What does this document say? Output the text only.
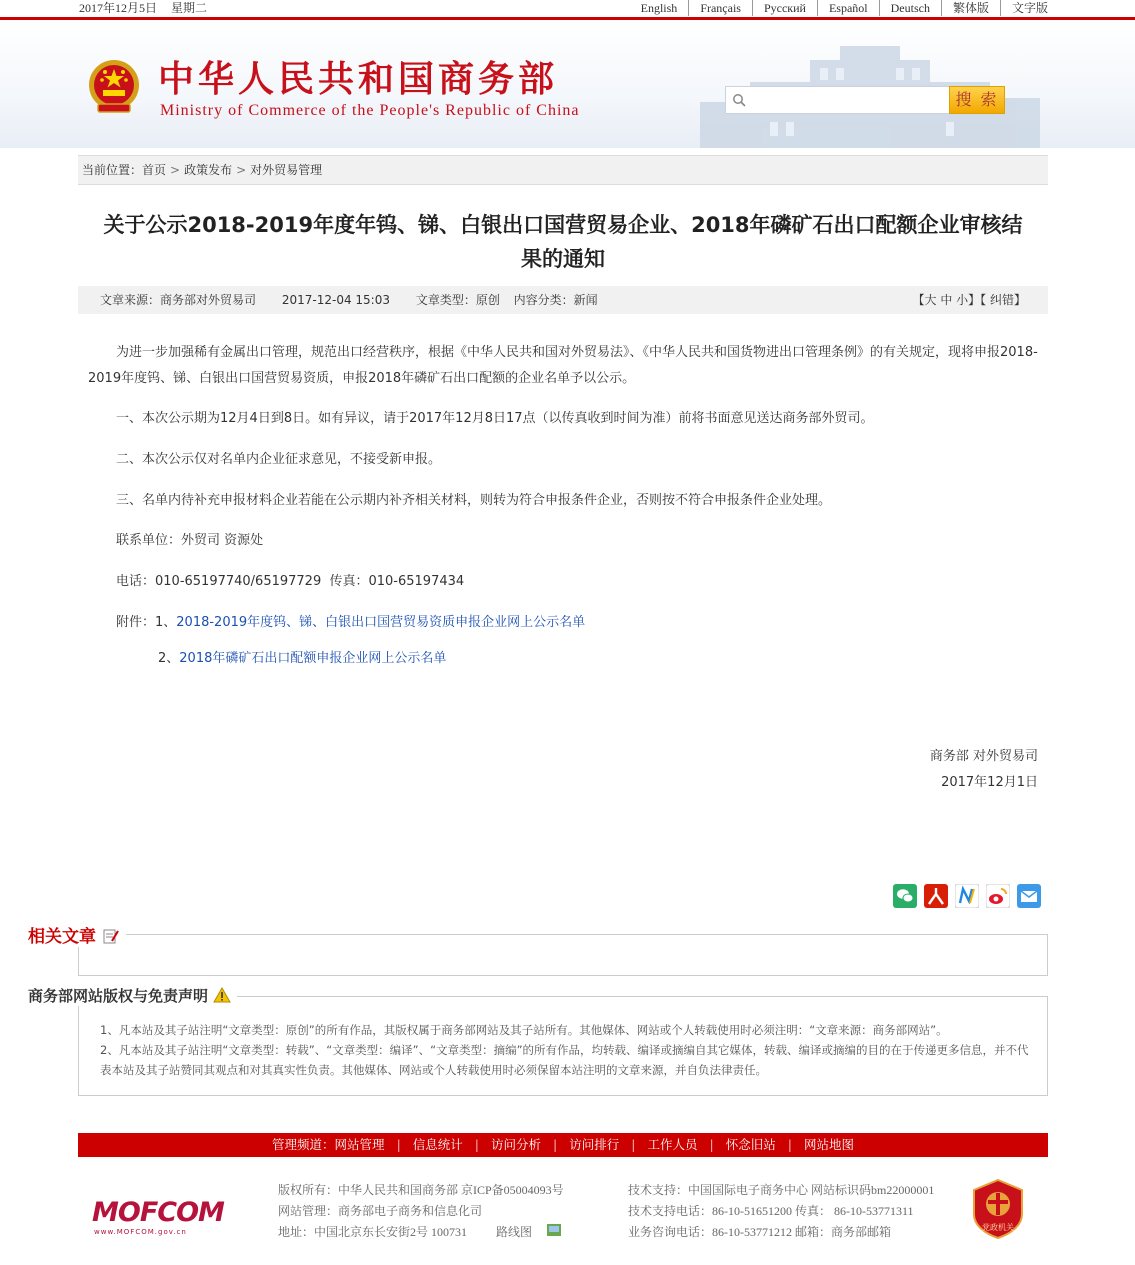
2017年12月5日 星期二	English	Français	Русский	Español	Deutsch	繁体版	文字版
中华人民共和国商务部
Ministry of Commerce of the People's Republic of China
搜 索
当前位置：首页 > 政策发布 > 对外贸易管理
关于公示2018-2019年度年钨、锑、白银出口国营贸易企业、2018年磷矿石出口配额企业审核结
果的通知
文章来源：商务部对外贸易司 2017-12-04 15:03 文章类型：原创 内容分类：新闻	【大 中 小】【 纠错】

为进一步加强稀有金属出口管理，规范出口经营秩序，根据《中华人民共和国对外贸易法》、《中华人民共和国货物进出口管理条例》的有关规定，现将申报2018-2019年度钨、锑、白银出口国营贸易资质，申报2018年磷矿石出口配额的企业名单予以公示。

一、本次公示期为12月4日到8日。如有异议，请于2017年12月8日17点（以传真收到时间为准）前将书面意见送达商务部外贸司。

二、本次公示仅对名单内企业征求意见，不接受新申报。

三、名单内待补充申报材料企业若能在公示期内补齐相关材料，则转为符合申报条件企业，否则按不符合申报条件企业处理。

联系单位：外贸司 资源处

电话：010-65197740/65197729  传真：010-65197434

附件：1、2018-2019年度钨、锑、白银出口国营贸易资质申报企业网上公示名单

2、2018年磷矿石出口配额申报企业网上公示名单

商务部 对外贸易司
2017年12月1日
相关文章
商务部网站版权与免责声明
1、凡本站及其子站注明“文章类型：原创”的所有作品，其版权属于商务部网站及其子站所有。其他媒体、网站或个人转载使用时必须注明：“文章来源：商务部网站”。
2、凡本站及其子站注明“文章类型：转载”、“文章类型：编译”、“文章类型：摘编”的所有作品，均转载、编译或摘编自其它媒体，转载、编译或摘编的目的在于传递更多信息，并不代表本站及其子站赞同其观点和对其真实性负责。其他媒体、网站或个人转载使用时必须保留本站注明的文章来源，并自负法律责任。
管理频道：网站管理 | 信息统计 | 访问分析 | 访问排行 | 工作人员 | 怀念旧站 | 网站地图
MOFCOM
www.MOFCOM.gov.cn
版权所有：中华人民共和国商务部 京ICP备05004093号
网站管理：商务部电子商务和信息化司
地址：中国北京东长安街2号 100731 路线图
技术支持：中国国际电子商务中心 网站标识码bm22000001
技术支持电话：86-10-51651200 传真： 86-10-53771311
业务咨询电话：86-10-53771212 邮箱：商务部邮箱	党政机关
